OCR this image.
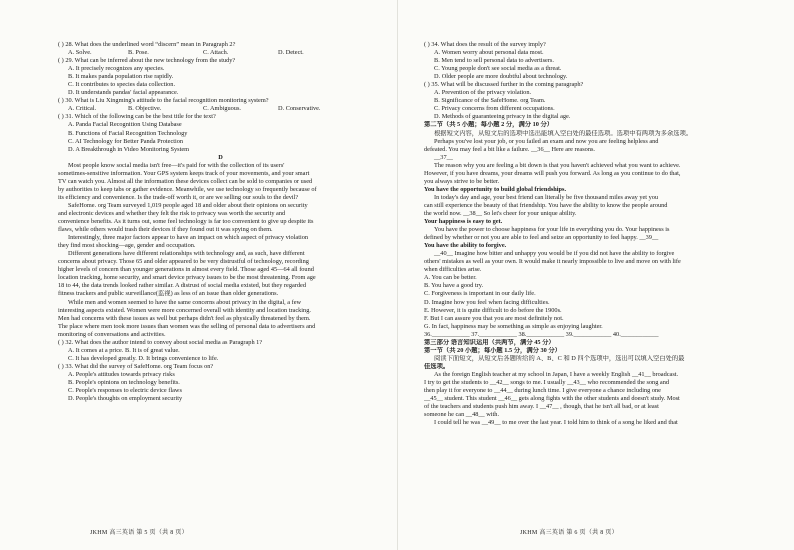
( ) 28. What does the underlined word “discern” mean in Paragraph 2?
A. Solve.	B. Pose.	C. Attach.	D. Detect.
( ) 29. What can be inferred about the new technology from the study?
A. It precisely recognizes any species.
B. It makes panda population rise rapidly.
C. It contributes to species data collection.
D. It understands pandas' facial appearance.
( ) 30. What is Liu Xingming's attitude to the facial recognition monitoring system?
A. Critical.	B. Objective.	C. Ambiguous.	D. Conservative.
( ) 31. Which of the following can be the best title for the text?
A. Panda Facial Recognition Using Database
B. Functions of Facial Recognition Technology
C. AI Technology for Better Panda Protection
D. A Breakthrough in Video Monitoring System
D
Most people know social media isn't free—it's paid for with the collection of its users'
sometimes-sensitive information. Your GPS system keeps track of your movements, and your smart
TV can watch you. Almost all the information these devices collect can be sold to companies or used
by authorities to keep tabs or gather evidence. Meanwhile, we use technology so frequently because of
its efficiency and convenience. Is the trade-off worth it, or are we selling our souls to the devil?
SafeHome. org Team surveyed 1,019 people aged 18 and older about their opinions on security
and electronic devices and whether they felt the risk to privacy was worth the security and
convenience benefits. As it turns out, some feel technology is far too convenient to give up despite its
flaws, while others would trash their devices if they found out it was spying on them.
Interestingly, three major factors appear to have an impact on which aspect of privacy violation
they find most shocking—age, gender and occupation.
Different generations have different relationships with technology and, as such, have different
concerns about privacy. Those 65 and older appeared to be very distrustful of technology, recording
higher levels of concern than younger generations in almost every field. Those aged 45—64 all found
location tracking, home security, and smart device privacy issues to be the most threatening. From age
18 to 44, the data trends looked rather similar. A distrust of social media existed, but they regarded
fitness trackers and public surveillance(监视) as less of an issue than older generations.
While men and women seemed to have the same concerns about privacy in the digital, a few
interesting aspects existed. Women were more concerned overall with identity and location tracking.
Men had concerns with these issues as well but perhaps didn't feel as physically threatened by them.
The place where men took more issues than women was the selling of personal data to advertisers and
monitoring of conversations and activities.
( ) 32. What does the author intend to convey about social media as Paragraph 1?
A. It comes at a price. B. It is of great value.
C. It has developed greatly. D. It brings convenience to life.
( ) 33. What did the survey of SafeHome. org Team focus on?
A. People's attitudes towards privacy risks
B. People's opinions on technology benefits.
C. People's responses to electric device flaws
D. People's thoughts on employment security
( ) 34. What does the result of the survey imply?
A. Women worry about personal data most.
B. Men tend to sell personal data to advertisers.
C. Young people don't see social media as a threat.
D. Older people are more doubtful about technology.
( ) 35. What will be discussed further in the coming paragraph?
A. Prevention of the privacy violation.
B. Significance of the SafeHome. org Team.
C. Privacy concerns from different occupations.
D. Methods of guaranteeing privacy in the digital age.
第二节（共 5 小题；每小题 2 分，满分 10 分）
根据短文内容，从短文后的选项中选出能填入空白处的最佳选项。选项中有两项为多余选项。
Perhaps you've lost your job, or you failed an exam and now you are feeling helpless and
defeated. You may feel a bit like a failure. __36__ Here are reasons.
__37__
The reason why you are feeling a bit down is that you haven't achieved what you want to achieve.
However, if you have dreams, your dreams will push you forward. As long as you continue to do that,
you always strive to be better.
You have the opportunity to build global friendships.
In today's day and age, your best friend can literally be five thousand miles away yet you
can still experience the beauty of that friendship. You have the ability to know the people around
the world now. __38__ So let's cheer for your unique ability.
Your happiness is easy to get.
You have the power to choose happiness for your life in everything you do. Your happiness is
defined by whether or not you are able to feel and seize an opportunity to feel happy. __39__
You have the ability to forgive.
__40__ Imagine how bitter and unhappy you would be if you did not have the ability to forgive
others' mistakes as well as your own. It would make it nearly impossible to live and move on with life
when difficulties arise.
A. You can be better.
B. You have a good try.
C. Forgiveness is important in our daily life.
D. Imagine how you feel when facing difficulties.
E. However, it is quite difficult to do before the 1900s.
F. But I can assure you that you are most definitely not.
G. In fact, happiness may be something as simple as enjoying laughter.
36.____________ 37.____________ 38.____________ 39.____________ 40.____________
第三部分 语言知识运用（共两节，满分 45 分）
第一节（共 20 小题；每小题 1.5 分，满分 30 分）
阅读下面短文，从短文后各题所给的 A、B、C 和 D 四个选项中，选出可以填入空白处的最
佳选项。
As the foreign English teacher at my school in Japan, I have a weekly English __41__ broadcast.
I try to get the students to __42__ songs to me. I usually __43__ who recommended the song and
then play it for everyone to __44__ during lunch time. I give everyone a chance including one
__45__ student. This student __46__ gets along fights with the other students and doesn't study. Most
of the teachers and students push him away. I __47__ , though, that he isn't all bad, or at least
someone he can __48__ with.
I could tell he was __49__ to me over the last year. I told him to think of a song he liked and that
JKHM 高三英语 第 5 页（共 8 页）	JKHM 高三英语 第 6 页（共 8 页）
